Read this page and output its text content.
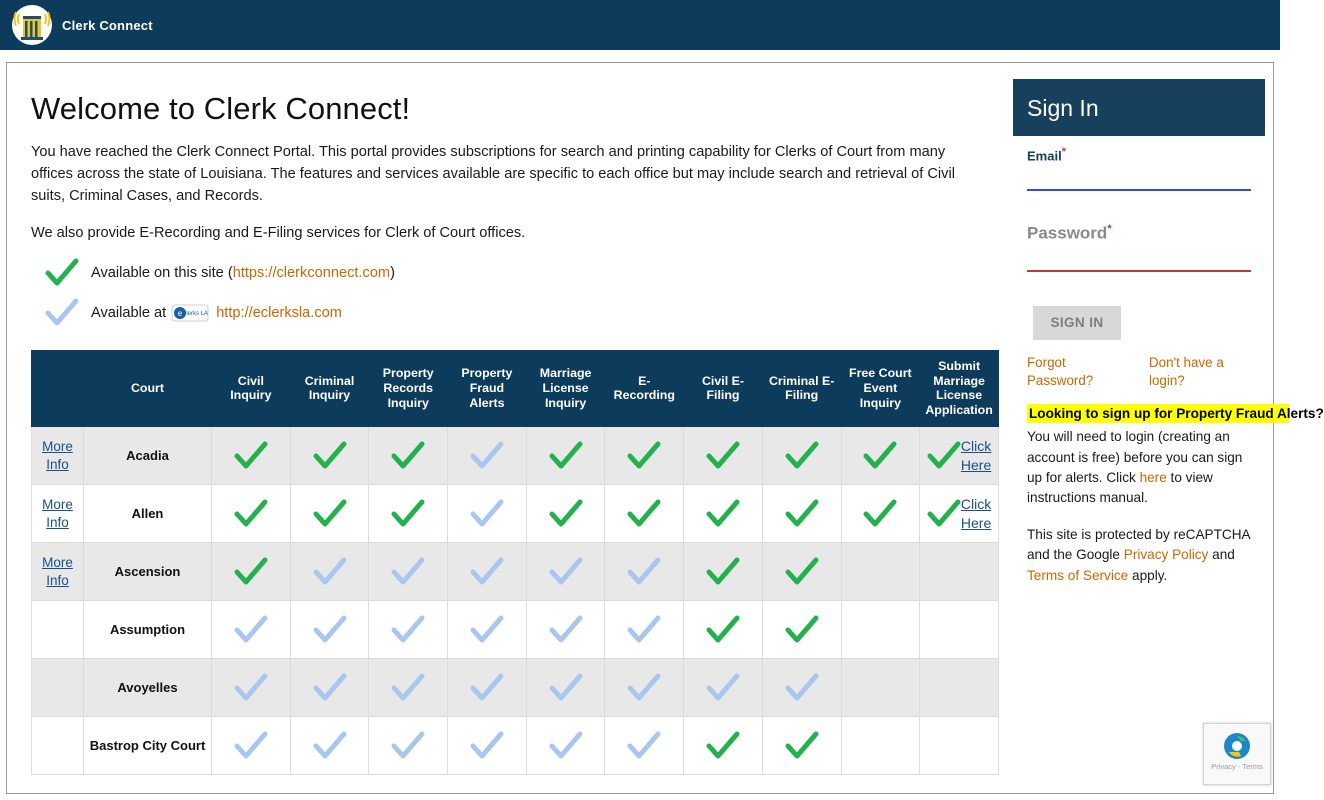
Clerk Connect
Welcome to Clerk Connect!

You have reached the Clerk Connect Portal. This portal provides subscriptions for search and printing capability for Clerks of Court from many offices across the state of Louisiana. The features and services available are specific to each office but may include search and retrieval of Civil suits, Criminal Cases, and Records.

We also provide E-Recording and E-Filing services for Clerk of Court offices.

Available on this site ( https://clerkconnect.com )
Available at e Clerks LA http://eclerksla.com
	Court	Civil Inquiry	Criminal Inquiry	Property Records Inquiry	Property Fraud Alerts	Marriage License Inquiry	E-Recording	Civil E-Filing	Criminal E-Filing	Free Court Event Inquiry	Submit Marriage License Application
More Info	Acadia										Click
Here

More Info	Allen										Click
Here

More Info	Ascension	

	Assumption	

	Avoyelles	

	Bastrop City Court	

Sign In
Email*
Password*
SIGN IN
Forgot Password?
Don't have a login?
Looking to sign up for Property Fraud Alerts?
You will need to login (creating an account is free) before you can sign up for alerts. Click here to view instructions manual.
This site is protected by reCAPTCHA and the Google Privacy Policy and Terms of Service apply.
Privacy - Terms
